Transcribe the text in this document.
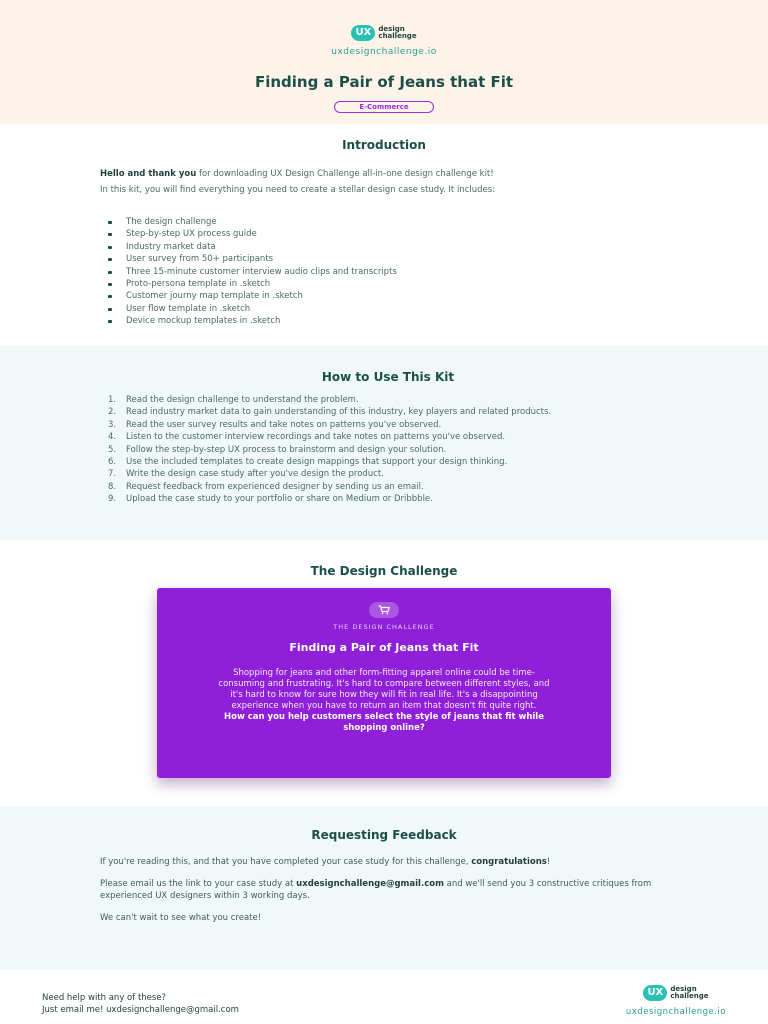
UX	design
challenge
uxdesignchallenge.io
Finding a Pair of Jeans that Fit
E-Commerce
Introduction

Hello and thank you for downloading UX Design Challenge all-in-one design challenge kit!

In this kit, you will find everything you need to create a stellar design case study. It includes:

The design challenge
Step-by-step UX process guide
Industry market data
User survey from 50+ participants
Three 15-minute customer interview audio clips and transcripts
Proto-persona template in .sketch
Customer journy map template in .sketch
User flow template in .sketch
Device mockup templates in .sketch
How to Use This Kit
1. Read the design challenge to understand the problem.
2. Read industry market data to gain understanding of this industry, key players and related products.
3. Read the user survey results and take notes on patterns you've observed.
4. Listen to the customer interview recordings and take notes on patterns you've observed.
5. Follow the step-by-step UX process to brainstorm and design your solution.
6. Use the included templates to create design mappings that support your design thinking.
7. Write the design case study after you've design the product.
8. Request feedback from experienced designer by sending us an email.
9. Upload the case study to your portfolio or share on Medium or Dribbble.
The Design Challenge
THE DESIGN CHALLENGE
Finding a Pair of Jeans that Fit
Shopping for jeans and other form-fitting apparel online could be time-consuming and frustrating. It's hard to compare between different styles, and it's hard to know for sure how they will fit in real life. It's a disappointing experience when you have to return an item that doesn't fit quite right.
How can you help customers select the style of jeans that fit while shopping online?
Requesting Feedback

If you're reading this, and that you have completed your case study for this challenge, congratulations!

Please email us the link to your case study at uxdesignchallenge@gmail.com and we'll send you 3 constructive critiques from experienced UX designers within 3 working days.

We can't wait to see what you create!

Need help with any of these?
Just email me! uxdesignchallenge@gmail.com
UX	design
challenge
uxdesignchallenge.io
